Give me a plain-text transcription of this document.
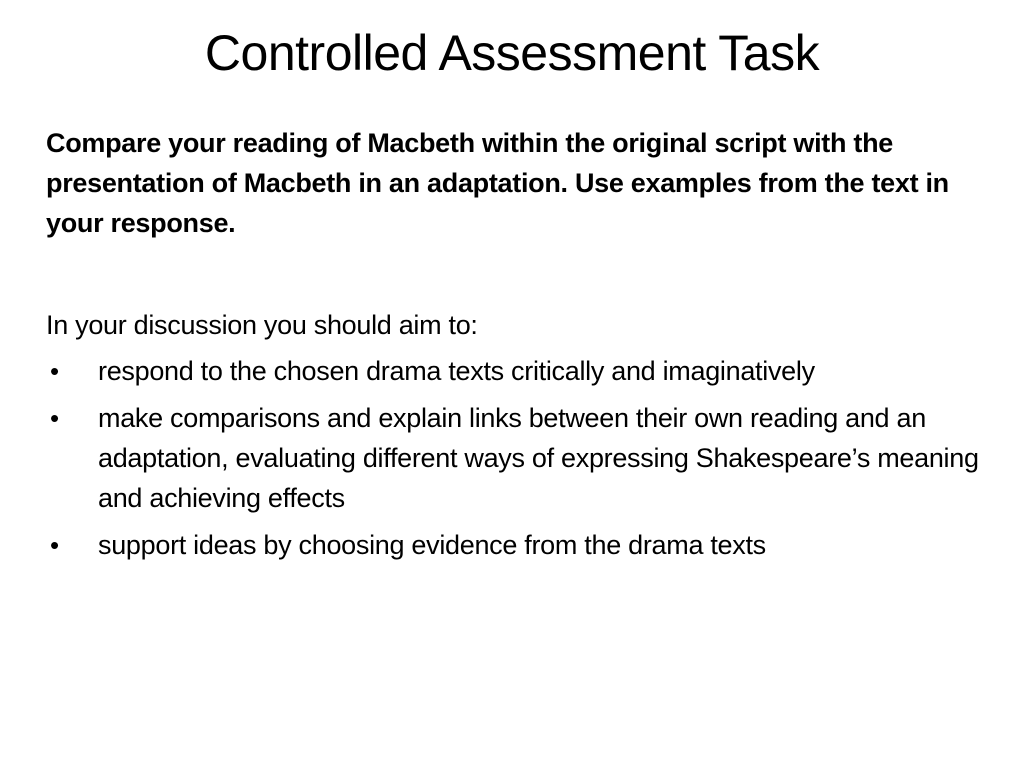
Controlled Assessment Task

Compare your reading of Macbeth within the original script with the presentation of Macbeth in an adaptation. Use examples from the text in your response.

In your discussion you should aim to:

•	respond to the chosen drama texts critically and imaginatively
•	make comparisons and explain links between their own reading and an adaptation, evaluating different ways of expressing Shakespeare’s meaning and achieving effects
•	support ideas by choosing evidence from the drama texts
